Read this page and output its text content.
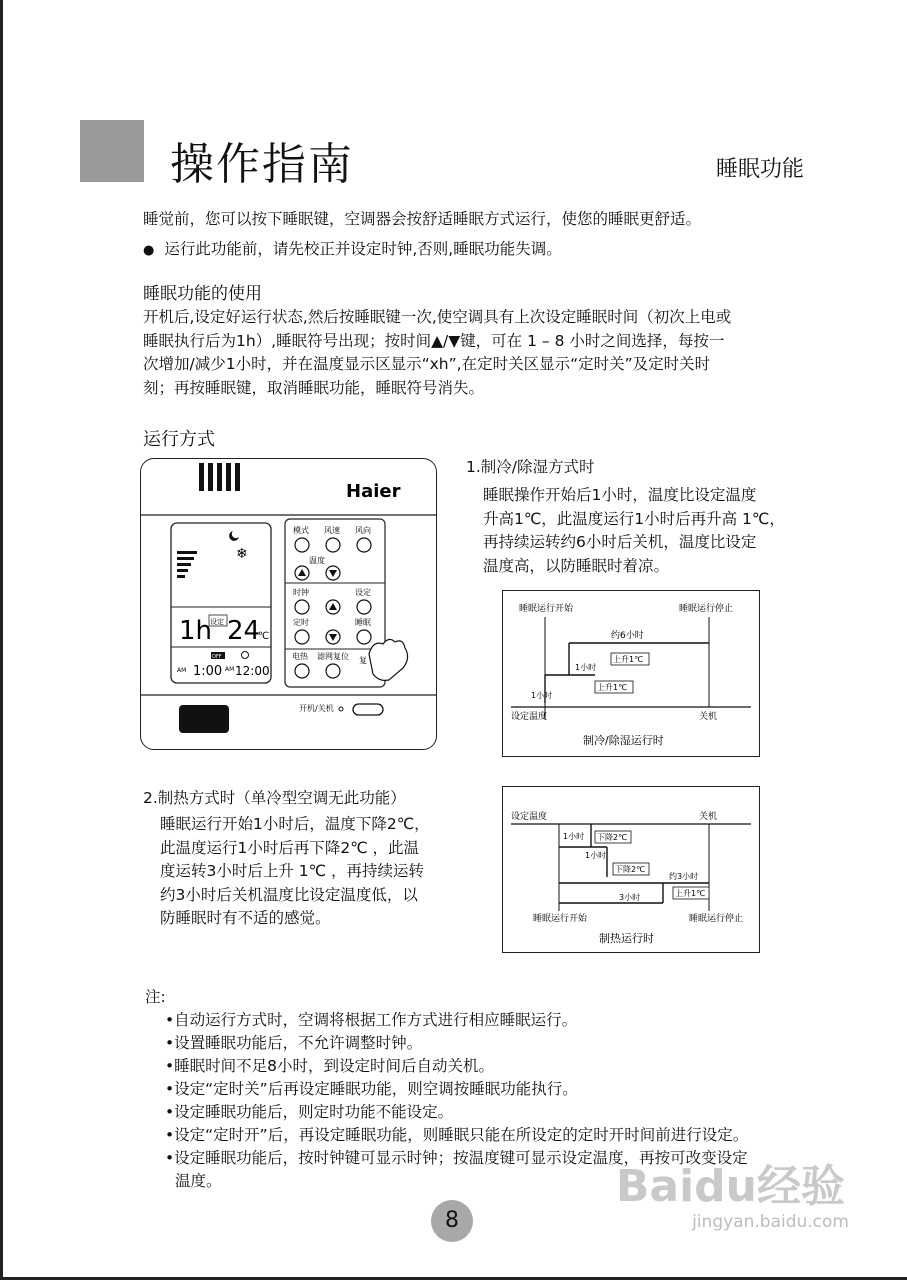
操作指南	睡眠功能
睡觉前，您可以按下睡眠键，空调器会按舒适睡眠方式运行，使您的睡眠更舒适。
● 运行此功能前，请先校正并设定时钟,否则,睡眠功能失调。
睡眠功能的使用
开机后,设定好运行状态,然后按睡眠键一次,使空调具有上次设定睡眠时间（初次上电或
睡眠执行后为1h）,睡眠符号出现；按时间▲/▼键，可在 1 – 8 小时之间选择，每按一
次增加/减少1小时，并在温度显示区显示“xh”,在定时关区显示“定时关”及定时关时
刻；再按睡眠键，取消睡眠功能，睡眠符号消失。
运行方式
Haier
❄
1h
设定 24
℃
OFF
AM 1:00 AM 12:00
模式 风速 风向
温度
时钟	设定
定时	睡眠
电热 滤网复位 复
开机/关机
1.制冷/除湿方式时
睡眠操作开始后1小时，温度比设定温度
升高1℃，此温度运行1小时后再升高 1℃，
再持续运转约6小时后关机，温度比设定
温度高，以防睡眠时着凉。
睡眠运行开始	睡眠运行停止
约6小时
1小时
上升1℃
上升1℃
1小时
设定温度	关机
制冷/除湿运行时
2.制热方式时（单冷型空调无此功能）
睡眠运行开始1小时后，温度下降2℃，
此温度运行1小时后再下降2℃ ，此温
度运转3小时后上升 1℃ ，再持续运转
约3小时后关机温度比设定温度低，以
防睡眠时有不适的感觉。
设定温度	关机
1小时 下降2℃
1小时
下降2℃
约3小时
上升1℃
3小时
睡眠运行开始	睡眠运行停止
制热运行时
注:
•自动运行方式时，空调将根据工作方式进行相应睡眠运行。
•设置睡眠功能后，不允许调整时钟。
•睡眠时间不足8小时，到设定时间后自动关机。
•设定“定时关”后再设定睡眠功能，则空调按睡眠功能执行。
•设定睡眠功能后，则定时功能不能设定。
•设定“定时开”后，再设定睡眠功能，则睡眠只能在所设定的定时开时间前进行设定。
•设定睡眠功能后，按时钟键可显示时钟；按温度键可显示设定温度，再按可改变设定
温度。
8
Baidu经验
jingyan.baidu.com
